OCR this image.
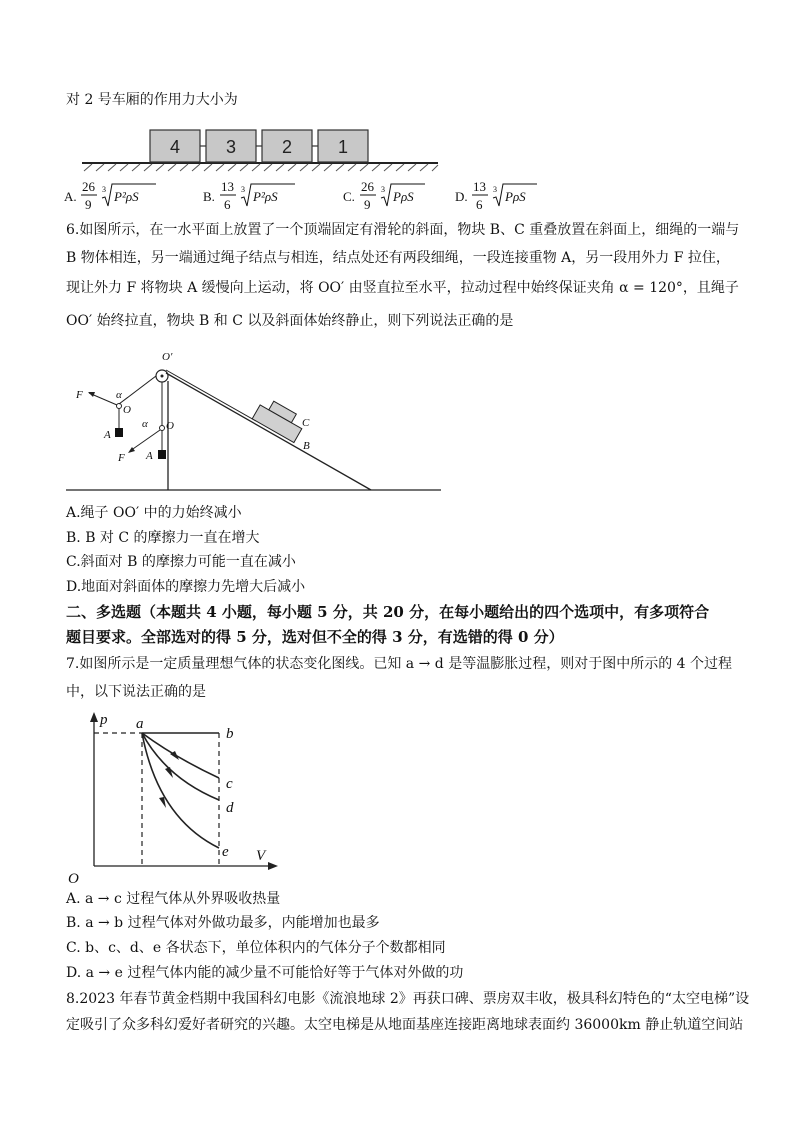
对 2 号车厢的作用力大小为
4	3	2	1
A.
26
9
3 P²ρS	B.
13
6
3 P²ρS	C.
26
9
3 PρS	D.
13
6
3 PρS
6.如图所示，在一水平面上放置了一个顶端固定有滑轮的斜面，物块 B、C 重叠放置在斜面上，细绳的一端与
B 物体相连，另一端通过绳子结点与相连，结点处还有两段细绳，一段连接重物 A，另一段用外力 F 拉住，
现让外力 F 将物块 A 缓慢向上运动，将 OO′ 由竖直拉至水平，拉动过程中始终保证夹角 α = 120°，且绳子
OO′ 始终拉直，物块 B 和 C 以及斜面体始终静止，则下列说法正确的是
O′
O
O
α
α
F
F
A
A
B
C
A.绳子 OO′ 中的力始终减小
B. B 对 C 的摩擦力一直在增大
C.斜面对 B 的摩擦力可能一直在减小
D.地面对斜面体的摩擦力先增大后减小
二、多选题（本题共 4 小题，每小题 5 分，共 20 分，在每小题给出的四个选项中，有多项符合
题目要求。全部选对的得 5 分，选对但不全的得 3 分，有选错的得 0 分）
7.如图所示是一定质量理想气体的状态变化图线。已知 a → d 是等温膨胀过程，则对于图中所示的 4 个过程
中，以下说法正确的是
p
V
O
a
b
c
d
e
A. a → c 过程气体从外界吸收热量
B. a → b 过程气体对外做功最多，内能增加也最多
C. b、c、d、e 各状态下，单位体积内的气体分子个数都相同
D. a → e 过程气体内能的减少量不可能恰好等于气体对外做的功
8.2023 年春节黄金档期中我国科幻电影《流浪地球 2》再获口碑、票房双丰收，极具科幻特色的“太空电梯”设
定吸引了众多科幻爱好者研究的兴趣。太空电梯是从地面基座连接距离地球表面约 36000km 静止轨道空间站
